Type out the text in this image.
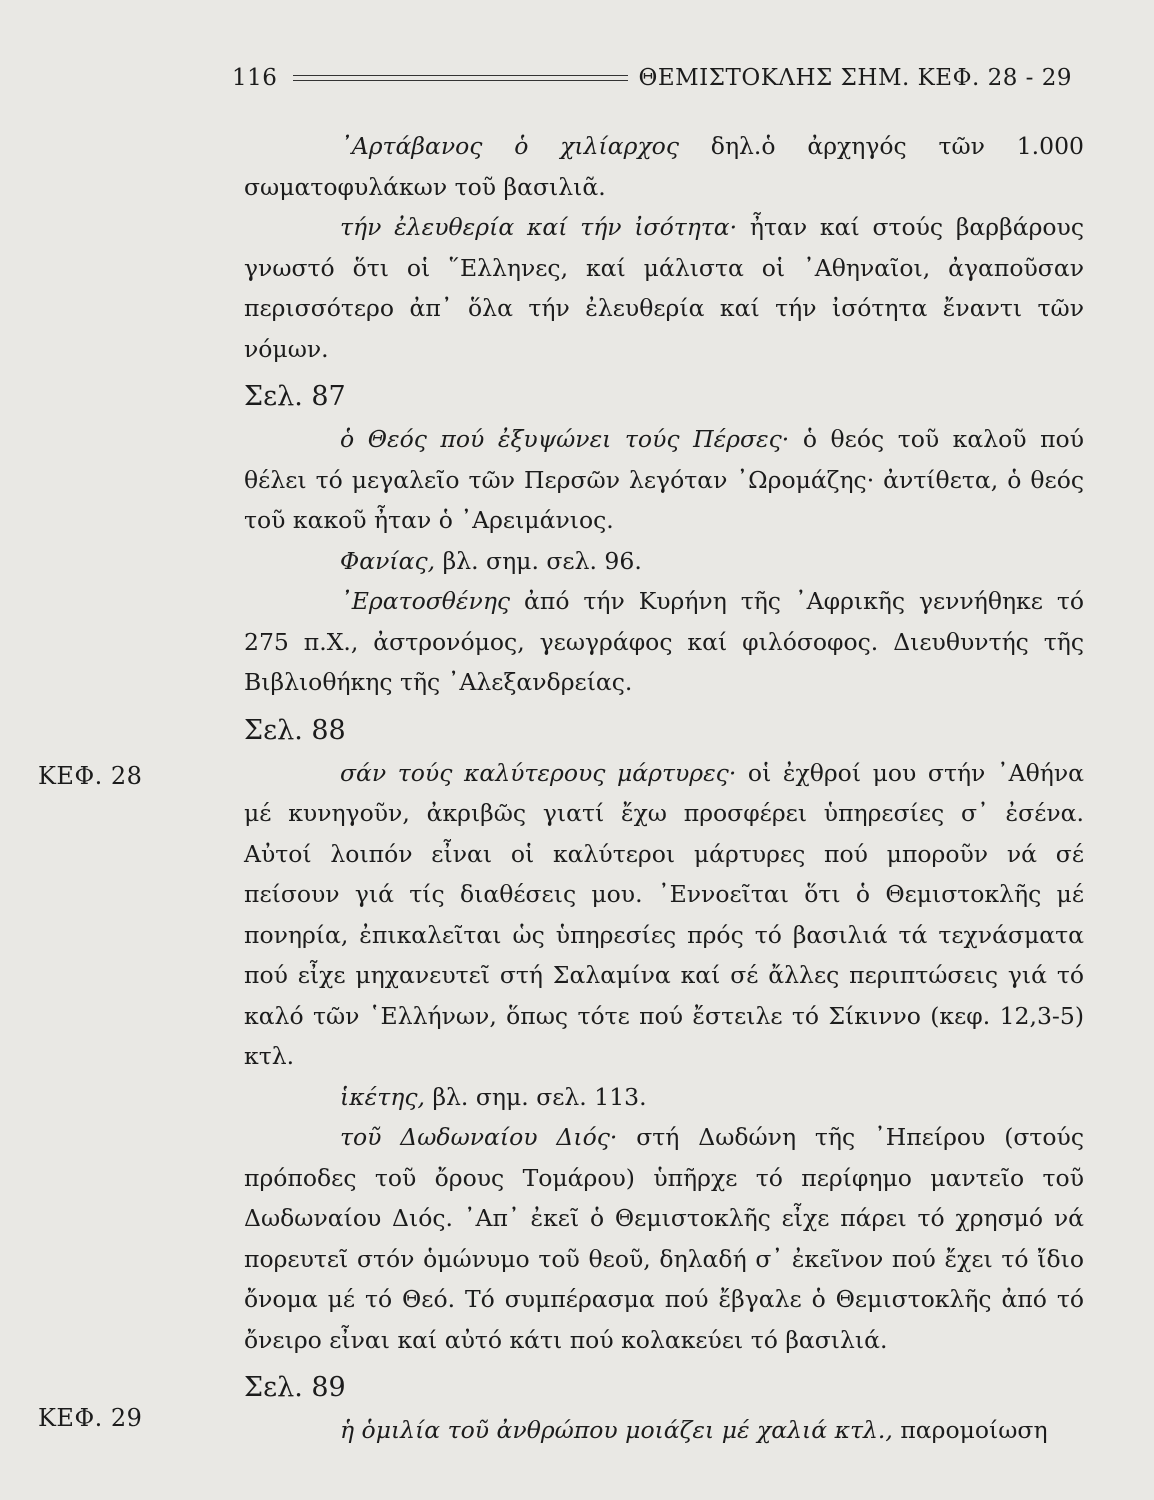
116	ΘΕΜΙΣΤΟΚΛΗΣ ΣΗΜ. ΚΕΦ. 28 - 29
ΚΕΦ. 28
ΚΕΦ. 29

᾿Αρτάβανος ὁ χιλίαρχος δηλ.ὁ ἀρχηγός τῶν 1.000 σωματοφυλάκων τοῦ βασιλιᾶ.

τήν ἐλευθερία καί τήν ἰσότητα· ἦταν καί στούς βαρβάρους γνωστό ὅτι οἱ ῞Ελληνες, καί μάλιστα οἱ ᾿Αθηναῖοι, ἀγαποῦσαν περισσότερο ἀπ᾿ ὅλα τήν ἐλευθερία καί τήν ἰσότητα ἔναντι τῶν νόμων.

Σελ. 87

ὁ Θεός πού ἐξυψώνει τούς Πέρσες· ὁ θεός τοῦ καλοῦ πού θέλει τό μεγαλεῖο τῶν Περσῶν λεγόταν ᾿Ωρομάζης· ἀντίθετα, ὁ θεός τοῦ κακοῦ ἦταν ὁ ᾿Αρειμάνιος.

Φανίας, βλ. σημ. σελ. 96.

᾿Ερατοσθένης ἀπό τήν Κυρήνη τῆς ᾿Αφρικῆς γεννήθηκε τό 275 π.Χ., ἀστρονόμος, γεωγράφος καί φιλόσοφος. Διευθυντής τῆς Βιβλιοθήκης τῆς ᾿Αλεξανδρείας.

Σελ. 88

σάν τούς καλύτερους μάρτυρες· οἱ ἐχθροί μου στήν ᾿Αθήνα μέ κυνηγοῦν, ἀκριβῶς γιατί ἔχω προσφέρει ὑπηρεσίες σ᾿ ἐσένα. Αὐτοί λοιπόν εἶναι οἱ καλύτεροι μάρτυρες πού μποροῦν νά σέ πείσουν γιά τίς διαθέσεις μου. ᾿Εννοεῖται ὅτι ὁ Θεμιστοκλῆς μέ πονηρία, ἐπικαλεῖται ὡς ὑπηρεσίες πρός τό βασιλιά τά τεχνάσματα πού εἶχε μηχανευτεῖ στή Σαλαμίνα καί σέ ἄλλες περιπτώσεις γιά τό καλό τῶν ῾Ελλήνων, ὅπως τότε πού ἔστειλε τό Σίκιννο (κεφ. 12,3-5) κτλ.

ἱκέτης, βλ. σημ. σελ. 113.

τοῦ Δωδωναίου Διός· στή Δωδώνη τῆς ᾿Ηπείρου (στούς πρόποδες τοῦ ὄρους Τομάρου) ὑπῆρχε τό περίφημο μαντεῖο τοῦ Δωδωναίου Διός. ᾿Απ᾿ ἐκεῖ ὁ Θεμιστοκλῆς εἶχε πάρει τό χρησμό νά πορευτεῖ στόν ὁμώνυμο τοῦ θεοῦ, δηλαδή σ᾿ ἐκεῖνον πού ἔχει τό ἴδιο ὄνομα μέ τό Θεό. Τό συμπέρασμα πού ἔβγαλε ὁ Θεμιστοκλῆς ἀπό τό ὄνειρο εἶναι καί αὐτό κάτι πού κολακεύει τό βασιλιά.

Σελ. 89

ἡ ὁμιλία τοῦ ἀνθρώπου μοιάζει μέ χαλιά κτλ., παρομοίωση
